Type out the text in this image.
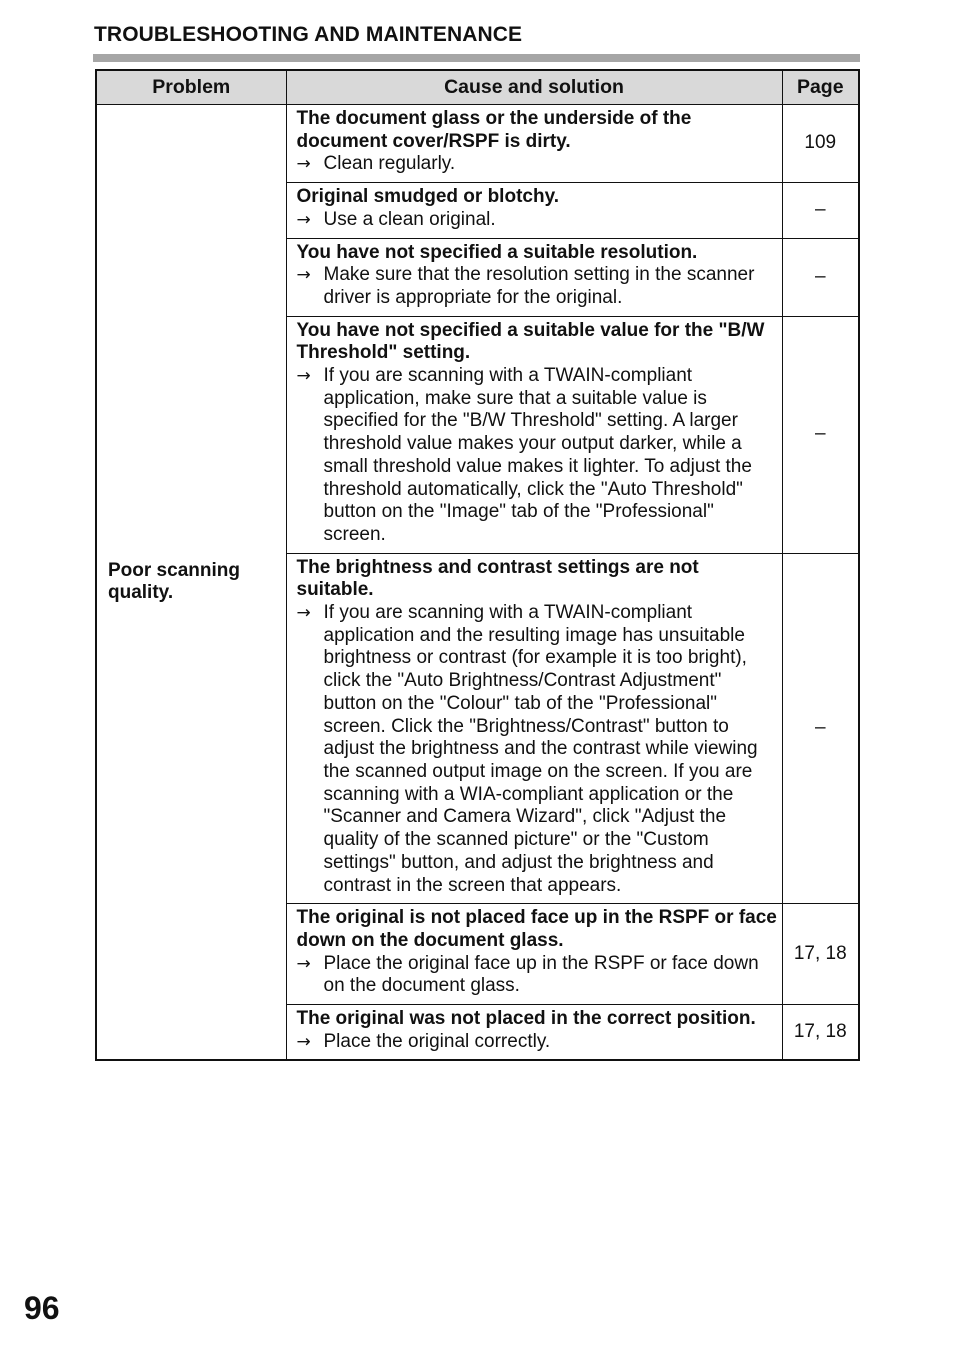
TROUBLESHOOTING AND MAINTENANCE
Problem	Cause and solution	Page
Poor scanning quality.	The document glass or the underside of the document cover/RSPF is dirty.
→ Clean regularly.	109

	Original smudged or blotchy.
→ Use a clean original.	–

	You have not specified a suitable resolution.
→ Make sure that the resolution setting in the scanner driver is appropriate for the original.	–

	You have not specified a suitable value for the "B/W Threshold" setting.
→ If you are scanning with a TWAIN-compliant application, make sure that a suitable value is specified for the "B/W Threshold" setting. A larger threshold value makes your output darker, while a small threshold value makes it lighter. To adjust the threshold automatically, click the "Auto Threshold" button on the "Image" tab of the "Professional" screen.	–

	The brightness and contrast settings are not suitable.
→ If you are scanning with a TWAIN-compliant application and the resulting image has unsuitable brightness or contrast (for example it is too bright), click the "Auto Brightness/Contrast Adjustment" button on the "Colour" tab of the "Professional" screen. Click the "Brightness/Contrast" button to adjust the brightness and the contrast while viewing the scanned output image on the screen. If you are scanning with a WIA-compliant application or the "Scanner and Camera Wizard", click "Adjust the quality of the scanned picture" or the "Custom settings" button, and adjust the brightness and contrast in the screen that appears.	–

	The original is not placed face up in the RSPF or face down on the document glass.
→ Place the original face up in the RSPF or face down on the document glass.	17, 18

	The original was not placed in the correct position.
→ Place the original correctly.	17, 18
96
